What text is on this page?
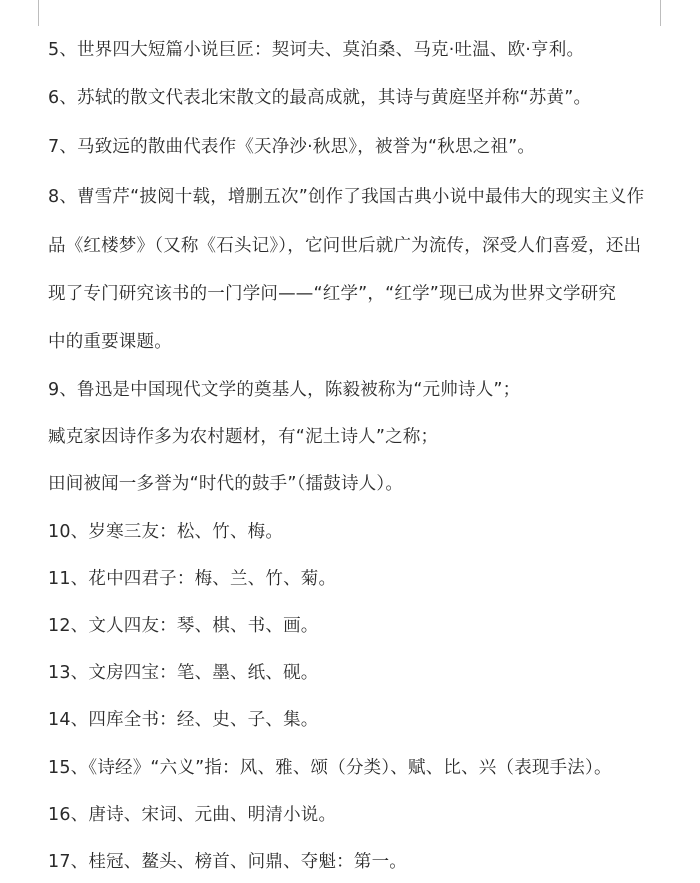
5、世界四大短篇小说巨匠：契诃夫、莫泊桑、马克·吐温、欧·亨利。
6、苏轼的散文代表北宋散文的最高成就，其诗与黄庭坚并称“苏黄”。
7、马致远的散曲代表作《天净沙·秋思》，被誉为“秋思之祖”。
8、曹雪芹“披阅十载，增删五次”创作了我国古典小说中最伟大的现实主义作
品《红楼梦》（又称《石头记》），它问世后就广为流传，深受人们喜爱，还出
现了专门研究该书的一门学问——“红学”，“红学”现已成为世界文学研究
中的重要课题。
9、鲁迅是中国现代文学的奠基人，陈毅被称为“元帅诗人”；
臧克家因诗作多为农村题材，有“泥土诗人”之称；
田间被闻一多誉为“时代的鼓手”（擂鼓诗人）。
10、岁寒三友：松、竹、梅。
11、花中四君子：梅、兰、竹、菊。
12、文人四友：琴、棋、书、画。
13、文房四宝：笔、墨、纸、砚。
14、四库全书：经、史、子、集。
15、《诗经》“六义”指：风、雅、颂（分类）、赋、比、兴（表现手法）。
16、唐诗、宋词、元曲、明清小说。
17、桂冠、鳌头、榜首、问鼎、夺魁：第一。
